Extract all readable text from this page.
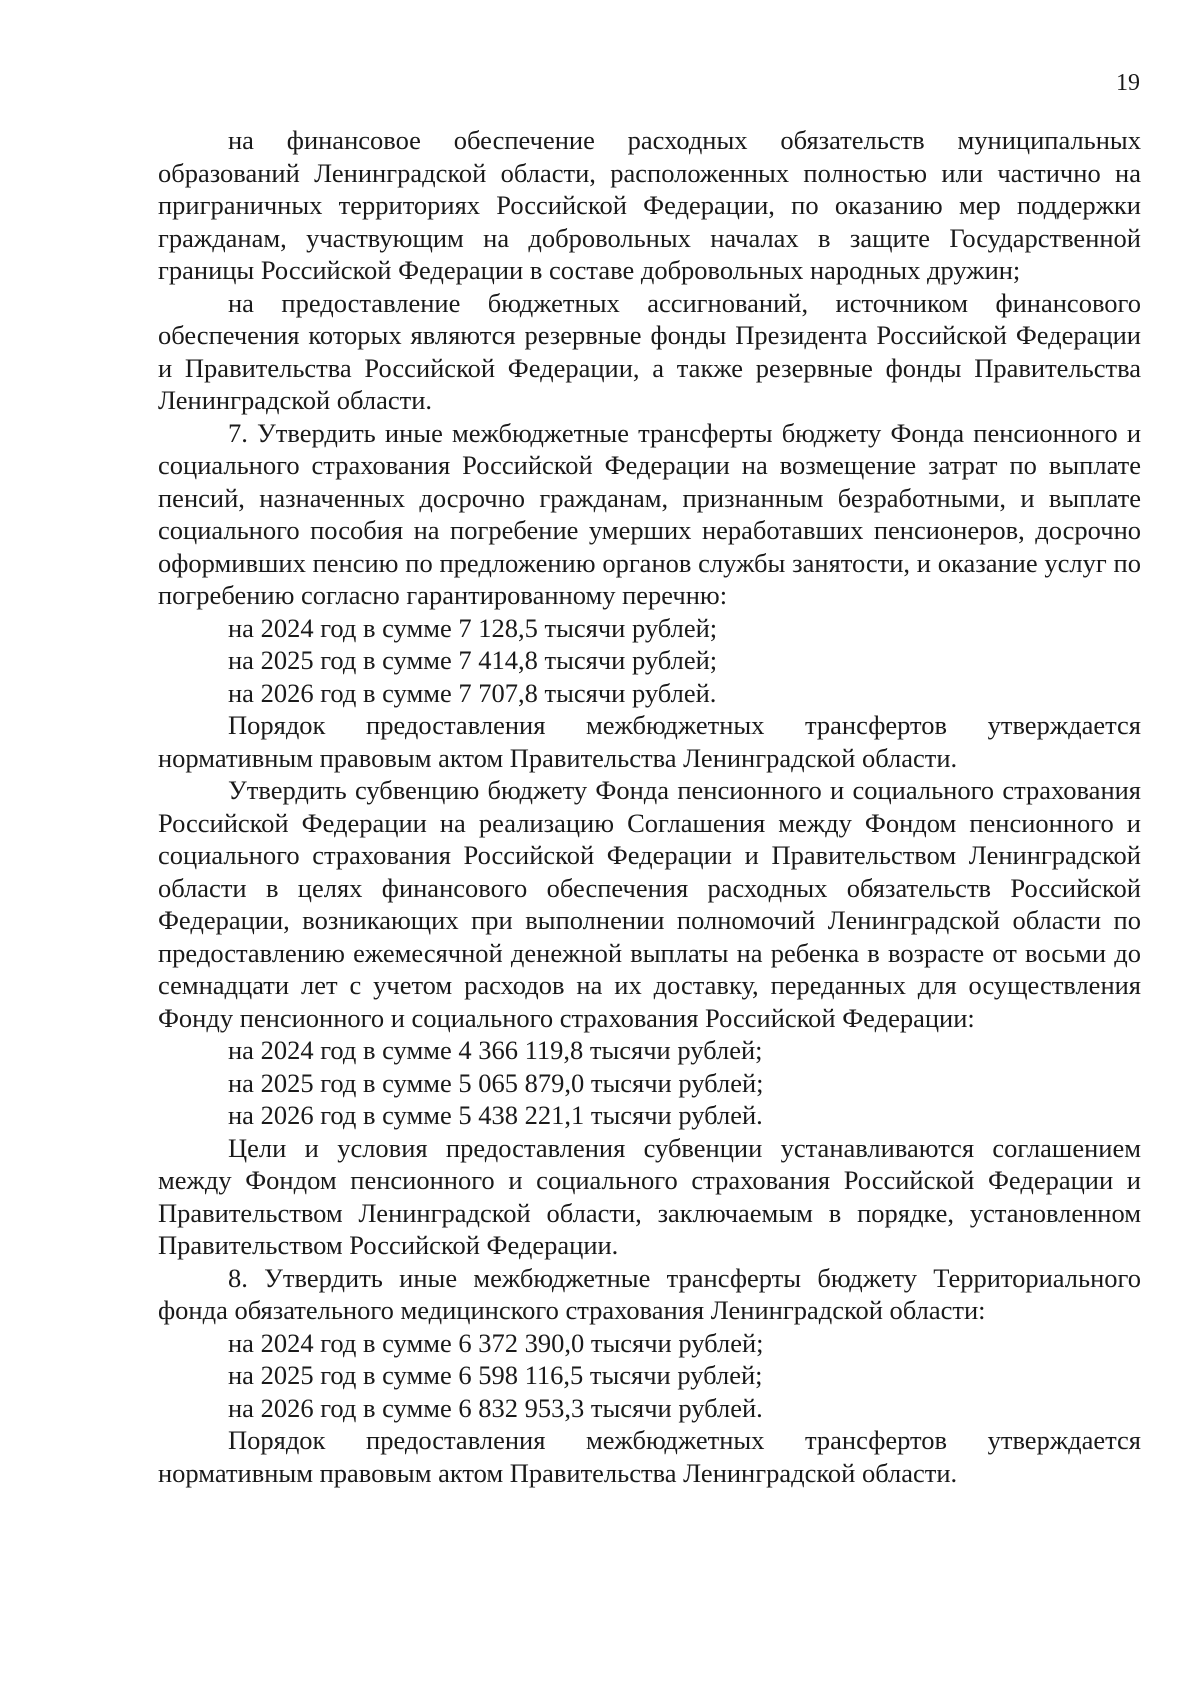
19

на финансовое обеспечение расходных обязательств муниципальных образований Ленинградской области, расположенных полностью или частично на приграничных территориях Российской Федерации, по оказанию мер поддержки гражданам, участвующим на добровольных началах в защите Государственной границы Российской Федерации в составе добровольных народных дружин;

на предоставление бюджетных ассигнований, источником финансового обеспечения которых являются резервные фонды Президента Российской Федерации и Правительства Российской Федерации, а также резервные фонды Правительства Ленинградской области.

7. Утвердить иные межбюджетные трансферты бюджету Фонда пенсионного и социального страхования Российской Федерации на возмещение затрат по выплате пенсий, назначенных досрочно гражданам, признанным безработными, и выплате социального пособия на погребение умерших неработавших пенсионеров, досрочно оформивших пенсию по предложению органов службы занятости, и оказание услуг по погребению согласно гарантированному перечню:

на 2024 год в сумме 7 128,5 тысячи рублей;

на 2025 год в сумме 7 414,8 тысячи рублей;

на 2026 год в сумме 7 707,8 тысячи рублей.

Порядок предоставления межбюджетных трансфертов утверждается нормативным правовым актом Правительства Ленинградской области.

Утвердить субвенцию бюджету Фонда пенсионного и социального страхования Российской Федерации на реализацию Соглашения между Фондом пенсионного и социального страхования Российской Федерации и Правительством Ленинградской области в целях финансового обеспечения расходных обязательств Российской Федерации, возникающих при выполнении полномочий Ленинградской области по предоставлению ежемесячной денежной выплаты на ребенка в возрасте от восьми до семнадцати лет с учетом расходов на их доставку, переданных для осуществления Фонду пенсионного и социального страхования Российской Федерации:

на 2024 год в сумме 4 366 119,8 тысячи рублей;

на 2025 год в сумме 5 065 879,0 тысячи рублей;

на 2026 год в сумме 5 438 221,1 тысячи рублей.

Цели и условия предоставления субвенции устанавливаются соглашением между Фондом пенсионного и социального страхования Российской Федерации и Правительством Ленинградской области, заключаемым в порядке, установленном Правительством Российской Федерации.

8. Утвердить иные межбюджетные трансферты бюджету Территориального фонда обязательного медицинского страхования Ленинградской области:

на 2024 год в сумме 6 372 390,0 тысячи рублей;

на 2025 год в сумме 6 598 116,5 тысячи рублей;

на 2026 год в сумме 6 832 953,3 тысячи рублей.

Порядок предоставления межбюджетных трансфертов утверждается нормативным правовым актом Правительства Ленинградской области.
